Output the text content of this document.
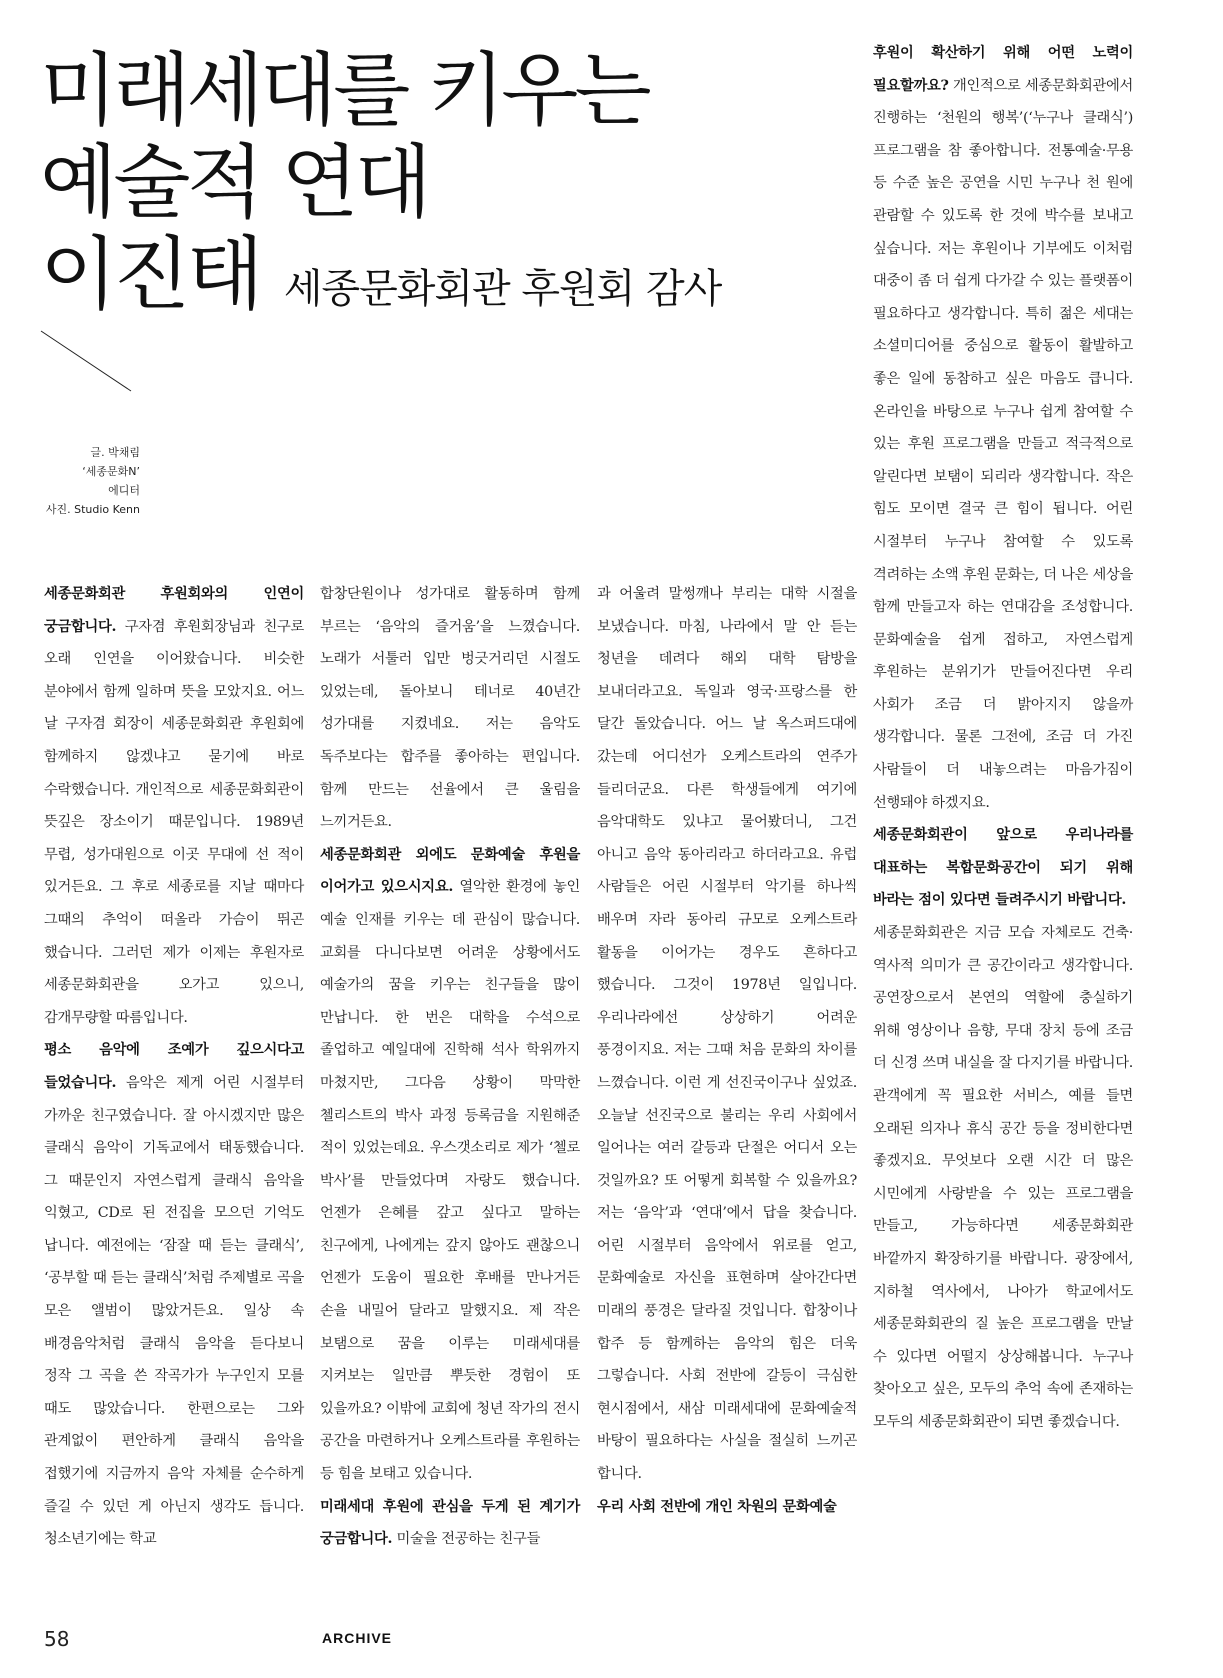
미래세대를 키우는
예술적 연대
이진태 세종문화회관 후원회 감사
글. 박채림
‘세종문화N’
에디터
사진. Studio Kenn

세종문화회관 후원회와의 인연이 궁금합니다. 구자겸 후원회장님과 친구로 오래 인연을 이어왔습니다. 비슷한 분야에서 함께 일하며 뜻을 모았지요. 어느 날 구자겸 회장이 세종문화회관 후원회에 함께하지 않겠냐고 묻기에 바로 수락했습니다. 개인적으로 세종문화회관이 뜻깊은 장소이기 때문입니다. 1989년 무렵, 성가대원으로 이곳 무대에 선 적이 있거든요. 그 후로 세종로를 지날 때마다 그때의 추억이 떠올라 가슴이 뛰곤 했습니다. 그러던 제가 이제는 후원자로 세종문화회관을 오가고 있으니, 감개무량할 따름입니다.

평소 음악에 조예가 깊으시다고 들었습니다. 음악은 제게 어린 시절부터 가까운 친구였습니다. 잘 아시겠지만 많은 클래식 음악이 기독교에서 태동했습니다. 그 때문인지 자연스럽게 클래식 음악을 익혔고, CD로 된 전집을 모으던 기억도 납니다. 예전에는 ‘잠잘 때 듣는 클래식’, ‘공부할 때 듣는 클래식’처럼 주제별로 곡을 모은 앨범이 많았거든요. 일상 속 배경음악처럼 클래식 음악을 듣다보니 정작 그 곡을 쓴 작곡가가 누구인지 모를 때도 많았습니다. 한편으로는 그와 관계없이 편안하게 클래식 음악을 접했기에 지금까지 음악 자체를 순수하게 즐길 수 있던 게 아닌지 생각도 듭니다. 청소년기에는 학교

합창단원이나 성가대로 활동하며 함께 부르는 ‘음악의 즐거움’을 느꼈습니다. 노래가 서툴러 입만 벙긋거리던 시절도 있었는데, 돌아보니 테너로 40년간 성가대를 지켰네요. 저는 음악도 독주보다는 합주를 좋아하는 편입니다. 함께 만드는 선율에서 큰 울림을 느끼거든요.

세종문화회관 외에도 문화예술 후원을 이어가고 있으시지요. 열악한 환경에 놓인 예술 인재를 키우는 데 관심이 많습니다. 교회를 다니다보면 어려운 상황에서도 예술가의 꿈을 키우는 친구들을 많이 만납니다. 한 번은 대학을 수석으로 졸업하고 예일대에 진학해 석사 학위까지 마쳤지만, 그다음 상황이 막막한 첼리스트의 박사 과정 등록금을 지원해준 적이 있었는데요. 우스갯소리로 제가 ‘첼로 박사’를 만들었다며 자랑도 했습니다. 언젠가 은혜를 갚고 싶다고 말하는 친구에게, 나에게는 갚지 않아도 괜찮으니 언젠가 도움이 필요한 후배를 만나거든 손을 내밀어 달라고 말했지요. 제 작은 보탬으로 꿈을 이루는 미래세대를 지켜보는 일만큼 뿌듯한 경험이 또 있을까요? 이밖에 교회에 청년 작가의 전시 공간을 마련하거나 오케스트라를 후원하는 등 힘을 보태고 있습니다.

미래세대 후원에 관심을 두게 된 계기가 궁금합니다. 미술을 전공하는 친구들

과 어울려 말썽깨나 부리는 대학 시절을 보냈습니다. 마침, 나라에서 말 안 듣는 청년을 데려다 해외 대학 탐방을 보내더라고요. 독일과 영국·프랑스를 한 달간 돌았습니다. 어느 날 옥스퍼드대에 갔는데 어디선가 오케스트라의 연주가 들리더군요. 다른 학생들에게 여기에 음악대학도 있냐고 물어봤더니, 그건 아니고 음악 동아리라고 하더라고요. 유럽 사람들은 어린 시절부터 악기를 하나씩 배우며 자라 동아리 규모로 오케스트라 활동을 이어가는 경우도 흔하다고 했습니다. 그것이 1978년 일입니다. 우리나라에선 상상하기 어려운 풍경이지요. 저는 그때 처음 문화의 차이를 느꼈습니다. 이런 게 선진국이구나 싶었죠. 오늘날 선진국으로 불리는 우리 사회에서 일어나는 여러 갈등과 단절은 어디서 오는 것일까요? 또 어떻게 회복할 수 있을까요? 저는 ‘음악’과 ‘연대’에서 답을 찾습니다. 어린 시절부터 음악에서 위로를 얻고, 문화예술로 자신을 표현하며 살아간다면 미래의 풍경은 달라질 것입니다. 합창이나 합주 등 함께하는 음악의 힘은 더욱 그렇습니다. 사회 전반에 갈등이 극심한 현시점에서, 새삼 미래세대에 문화예술적 바탕이 필요하다는 사실을 절실히 느끼곤 합니다.

우리 사회 전반에 개인 차원의 문화예술

후원이 확산하기 위해 어떤 노력이 필요할까요? 개인적으로 세종문화회관에서 진행하는 ‘천원의 행복’(‘누구나 클래식’) 프로그램을 참 좋아합니다. 전통예술·무용 등 수준 높은 공연을 시민 누구나 천 원에 관람할 수 있도록 한 것에 박수를 보내고 싶습니다. 저는 후원이나 기부에도 이처럼 대중이 좀 더 쉽게 다가갈 수 있는 플랫폼이 필요하다고 생각합니다. 특히 젊은 세대는 소셜미디어를 중심으로 활동이 활발하고 좋은 일에 동참하고 싶은 마음도 큽니다. 온라인을 바탕으로 누구나 쉽게 참여할 수 있는 후원 프로그램을 만들고 적극적으로 알린다면 보탬이 되리라 생각합니다. 작은 힘도 모이면 결국 큰 힘이 됩니다. 어린 시절부터 누구나 참여할 수 있도록 격려하는 소액 후원 문화는, 더 나은 세상을 함께 만들고자 하는 연대감을 조성합니다. 문화예술을 쉽게 접하고, 자연스럽게 후원하는 분위기가 만들어진다면 우리 사회가 조금 더 밝아지지 않을까 생각합니다. 물론 그전에, 조금 더 가진 사람들이 더 내놓으려는 마음가짐이 선행돼야 하겠지요.

세종문화회관이 앞으로 우리나라를 대표하는 복합문화공간이 되기 위해 바라는 점이 있다면 들려주시기 바랍니다.

세종문화회관은 지금 모습 자체로도 건축·역사적 의미가 큰 공간이라고 생각합니다. 공연장으로서 본연의 역할에 충실하기 위해 영상이나 음향, 무대 장치 등에 조금 더 신경 쓰며 내실을 잘 다지기를 바랍니다. 관객에게 꼭 필요한 서비스, 예를 들면 오래된 의자나 휴식 공간 등을 정비한다면 좋겠지요. 무엇보다 오랜 시간 더 많은 시민에게 사랑받을 수 있는 프로그램을 만들고, 가능하다면 세종문화회관 바깥까지 확장하기를 바랍니다. 광장에서, 지하철 역사에서, 나아가 학교에서도 세종문화회관의 질 높은 프로그램을 만날 수 있다면 어떨지 상상해봅니다. 누구나 찾아오고 싶은, 모두의 추억 속에 존재하는 모두의 세종문화회관이 되면 좋겠습니다.

58	ARCHIVE
